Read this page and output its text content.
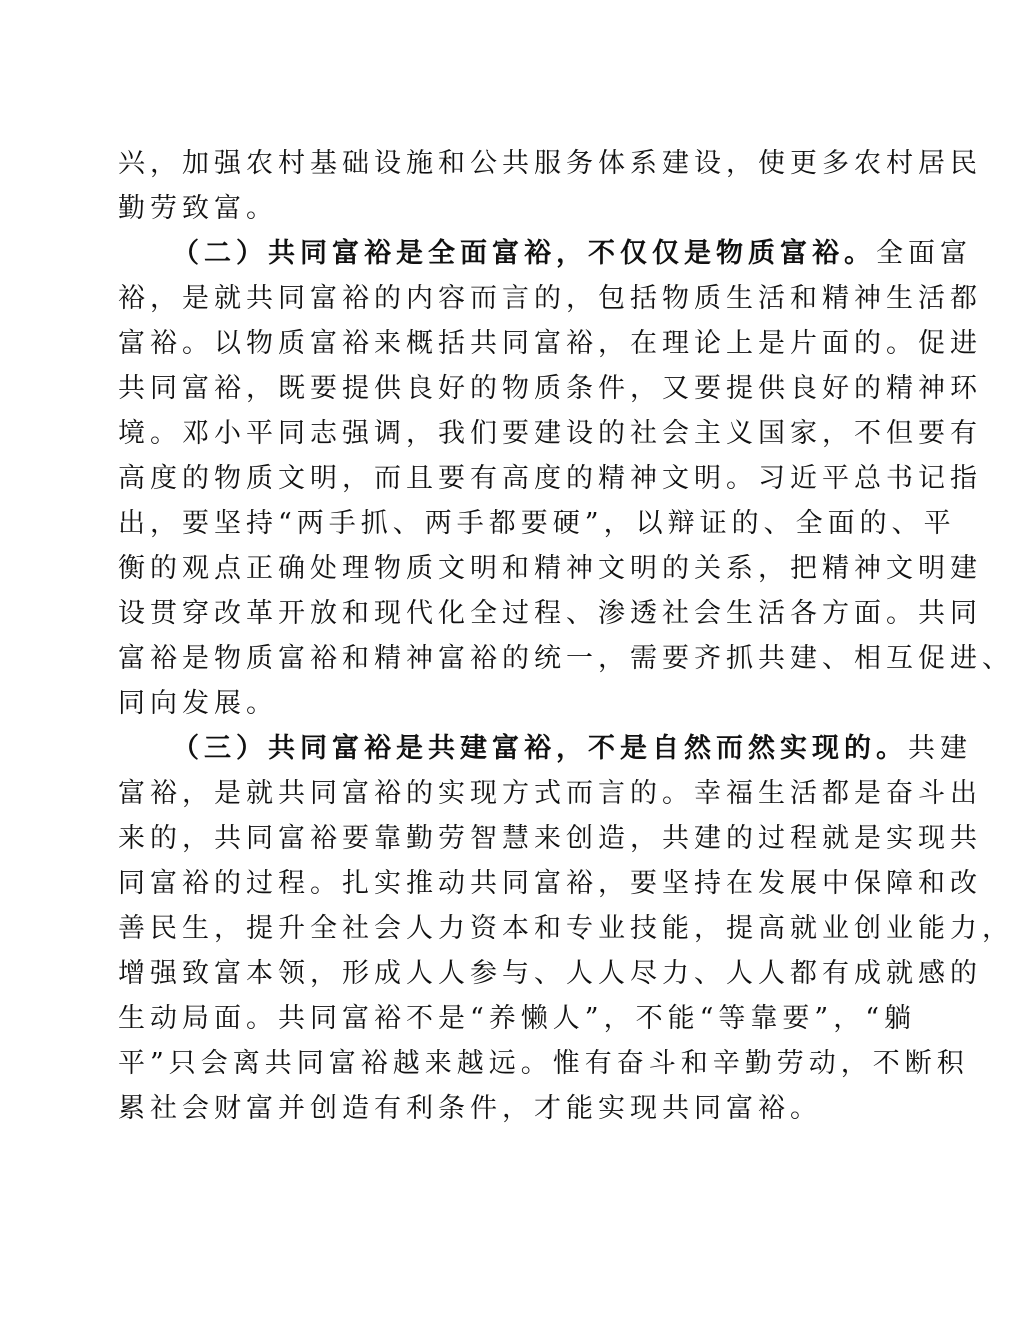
兴，加强农村基础设施和公共服务体系建设，使更多农村居民

勤劳致富。

（二）共同富裕是全面富裕，不仅仅是物质富裕。全面富

裕，是就共同富裕的内容而言的，包括物质生活和精神生活都

富裕。以物质富裕来概括共同富裕，在理论上是片面的。促进

共同富裕，既要提供良好的物质条件，又要提供良好的精神环

境。邓小平同志强调，我们要建设的社会主义国家，不但要有

高度的物质文明，而且要有高度的精神文明。习近平总书记指

出，要坚持“两手抓、两手都要硬”，以辩证的、全面的、平

衡的观点正确处理物质文明和精神文明的关系，把精神文明建

设贯穿改革开放和现代化全过程、渗透社会生活各方面。共同

富裕是物质富裕和精神富裕的统一，需要齐抓共建、相互促进、

同向发展。

（三）共同富裕是共建富裕，不是自然而然实现的。共建

富裕，是就共同富裕的实现方式而言的。幸福生活都是奋斗出

来的，共同富裕要靠勤劳智慧来创造，共建的过程就是实现共

同富裕的过程。扎实推动共同富裕，要坚持在发展中保障和改

善民生，提升全社会人力资本和专业技能，提高就业创业能力，

增强致富本领，形成人人参与、人人尽力、人人都有成就感的

生动局面。共同富裕不是“养懒人”，不能“等靠要”，“躺

平”只会离共同富裕越来越远。惟有奋斗和辛勤劳动，不断积

累社会财富并创造有利条件，才能实现共同富裕。
